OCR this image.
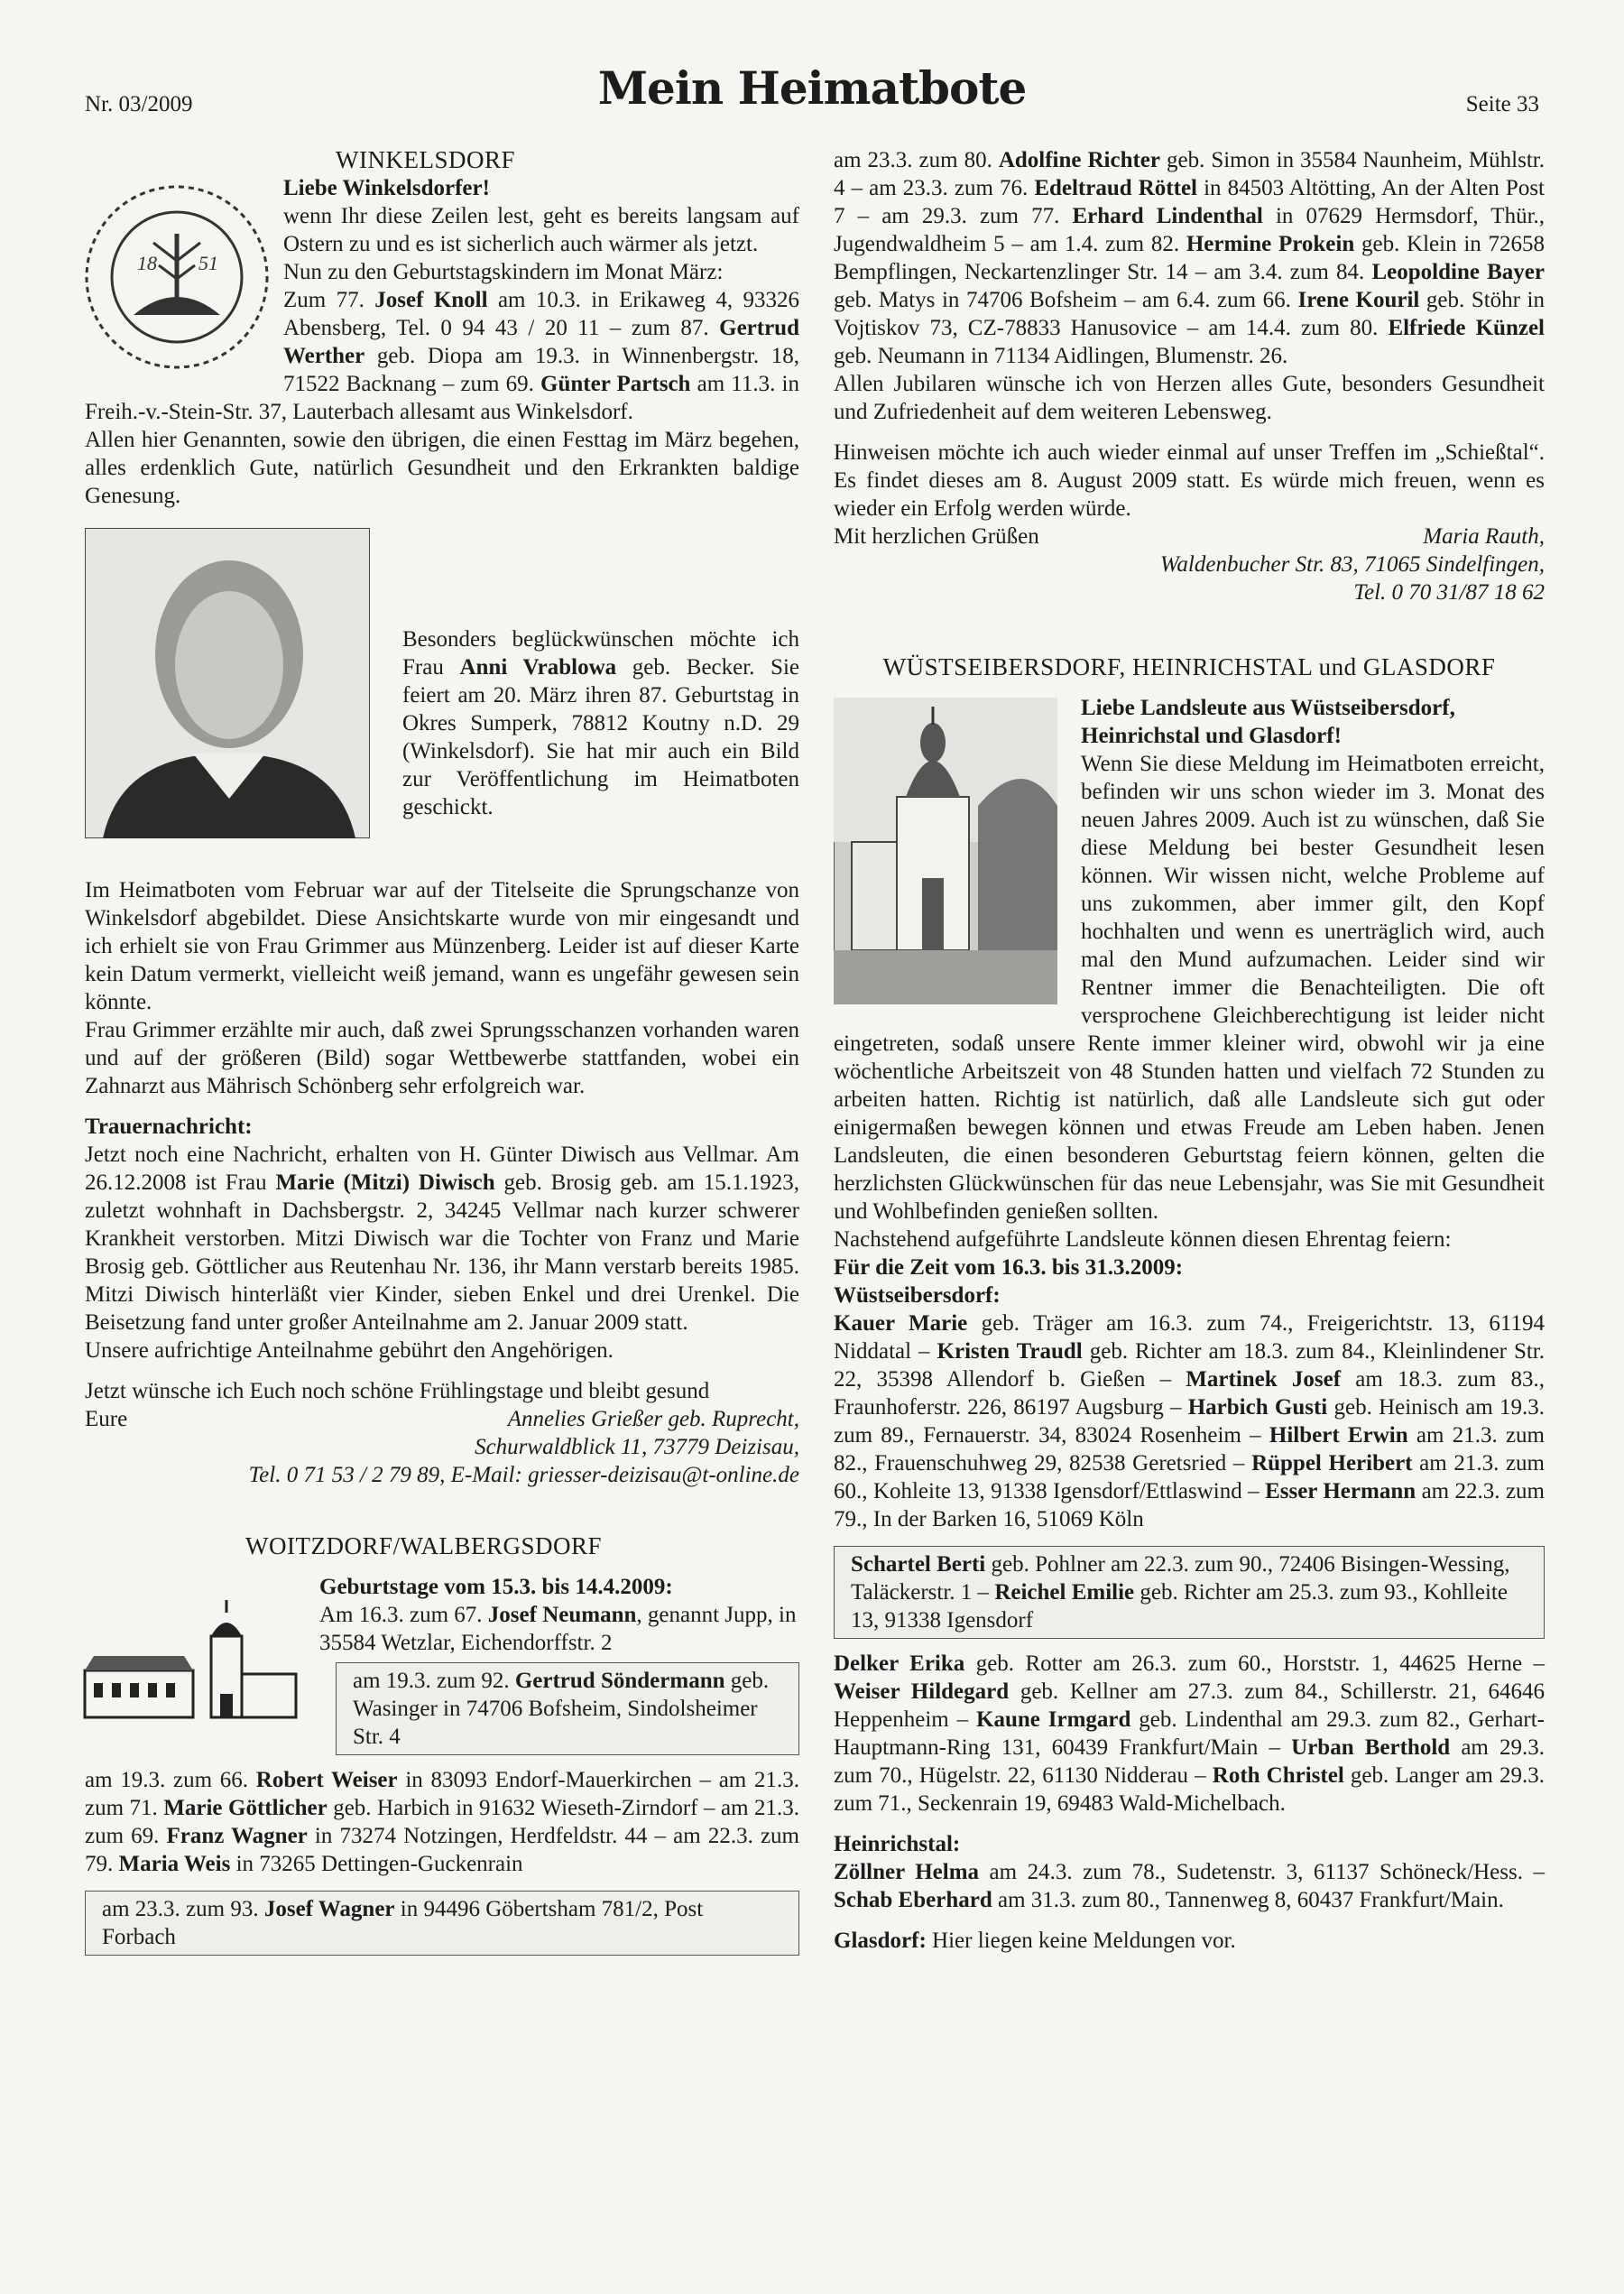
Nr. 03/2009	Mein Heimatbote	Seite 33

WINKELSDORF

18 51

Liebe Winkelsdorfer!

wenn Ihr diese Zeilen lest, geht es bereits langsam auf Ostern zu und es ist sicherlich auch wärmer als jetzt.

Nun zu den Geburtstagskindern im Monat März:

Zum 77. Josef Knoll am 10.3. in Erikaweg 4, 93326 Abensberg, Tel. 0 94 43 / 20 11 – zum 87. Gertrud Werther geb. Diopa am 19.3. in Winnenbergstr. 18, 71522 Backnang – zum 69. Günter Partsch am 11.3. in Freih.-v.-Stein-Str. 37, Lauterbach allesamt aus Winkelsdorf.

Allen hier Genannten, sowie den übrigen, die einen Festtag im März begehen, alles erdenklich Gute, natürlich Gesundheit und den Erkrankten baldige Genesung.

Besonders beglückwünschen möchte ich Frau Anni Vrablowa geb. Becker. Sie feiert am 20. März ihren 87. Geburtstag in Okres Sumperk, 78812 Koutny n.D. 29 (Winkelsdorf). Sie hat mir auch ein Bild zur Veröffentlichung im Heimatboten geschickt.

Im Heimatboten vom Februar war auf der Titelseite die Sprungschanze von Winkelsdorf abgebildet. Diese Ansichtskarte wurde von mir eingesandt und ich erhielt sie von Frau Grimmer aus Münzenberg. Leider ist auf dieser Karte kein Datum vermerkt, vielleicht weiß jemand, wann es ungefähr gewesen sein könnte.

Frau Grimmer erzählte mir auch, daß zwei Sprungsschanzen vorhanden waren und auf der größeren (Bild) sogar Wettbewerbe stattfanden, wobei ein Zahnarzt aus Mährisch Schönberg sehr erfolgreich war.

Trauernachricht:

Jetzt noch eine Nachricht, erhalten von H. Günter Diwisch aus Vellmar. Am 26.12.2008 ist Frau Marie (Mitzi) Diwisch geb. Brosig geb. am 15.1.1923, zuletzt wohnhaft in Dachsbergstr. 2, 34245 Vellmar nach kurzer schwerer Krankheit verstorben. Mitzi Diwisch war die Tochter von Franz und Marie Brosig geb. Göttlicher aus Reutenhau Nr. 136, ihr Mann verstarb bereits 1985. Mitzi Diwisch hinterläßt vier Kinder, sieben Enkel und drei Urenkel. Die Beisetzung fand unter großer Anteilnahme am 2. Januar 2009 statt.

Unsere aufrichtige Anteilnahme gebührt den Angehörigen.

Jetzt wünsche ich Euch noch schöne Frühlingstage und bleibt gesund

Eure	Annelies Grießer geb. Ruprecht,

Schurwaldblick 11, 73779 Deizisau,

Tel. 0 71 53 / 2 79 89, E-Mail: griesser-deizisau@t-online.de

WOITZDORF/WALBERGSDORF

Geburtstage vom 15.3. bis 14.4.2009:

Am 16.3. zum 67. Josef Neumann, genannt Jupp, in 35584 Wetzlar, Eichendorffstr. 2

am 19.3. zum 92. Gertrud Söndermann geb. Wasinger in 74706 Bofsheim, Sindolsheimer Str. 4

am 19.3. zum 66. Robert Weiser in 83093 Endorf-Mauerkirchen – am 21.3. zum 71. Marie Göttlicher geb. Harbich in 91632 Wieseth-Zirndorf – am 21.3. zum 69. Franz Wagner in 73274 Notzingen, Herdfeldstr. 44 – am 22.3. zum 79. Maria Weis in 73265 Dettingen-Guckenrain

am 23.3. zum 93. Josef Wagner in 94496 Göbertsham 781/2, Post Forbach

am 23.3. zum 80. Adolfine Richter geb. Simon in 35584 Naunheim, Mühlstr. 4 – am 23.3. zum 76. Edeltraud Röttel in 84503 Altötting, An der Alten Post 7 – am 29.3. zum 77. Erhard Lindenthal in 07629 Hermsdorf, Thür., Jugendwaldheim 5 – am 1.4. zum 82. Hermine Prokein geb. Klein in 72658 Bempflingen, Neckartenzlinger Str. 14 – am 3.4. zum 84. Leopoldine Bayer geb. Matys in 74706 Bofsheim – am 6.4. zum 66. Irene Kouril geb. Stöhr in Vojtiskov 73, CZ-78833 Hanusovice – am 14.4. zum 80. Elfriede Künzel geb. Neumann in 71134 Aidlingen, Blumenstr. 26.

Allen Jubilaren wünsche ich von Herzen alles Gute, besonders Gesundheit und Zufriedenheit auf dem weiteren Lebensweg.

Hinweisen möchte ich auch wieder einmal auf unser Treffen im „Schießtal“. Es findet dieses am 8. August 2009 statt. Es würde mich freuen, wenn es wieder ein Erfolg werden würde.

Mit herzlichen Grüßen	Maria Rauth,

Waldenbucher Str. 83, 71065 Sindelfingen,

Tel. 0 70 31/87 18 62

WÜSTSEIBERSDORF, HEINRICHSTAL und GLASDORF

Liebe Landsleute aus Wüstseibersdorf, Heinrichstal und Glasdorf!

Wenn Sie diese Meldung im Heimatboten erreicht, befinden wir uns schon wieder im 3. Monat des neuen Jahres 2009. Auch ist zu wünschen, daß Sie diese Meldung bei bester Gesundheit lesen können. Wir wissen nicht, welche Probleme auf uns zukommen, aber immer gilt, den Kopf hochhalten und wenn es unerträglich wird, auch mal den Mund aufzumachen. Leider sind wir Rentner immer die Benachteiligten. Die oft versprochene Gleichberechtigung ist leider nicht eingetreten, sodaß unsere Rente immer kleiner wird, obwohl wir ja eine wöchentliche Arbeitszeit von 48 Stunden hatten und vielfach 72 Stunden zu arbeiten hatten. Richtig ist natürlich, daß alle Landsleute sich gut oder einigermaßen bewegen können und etwas Freude am Leben haben. Jenen Landsleuten, die einen besonderen Geburtstag feiern können, gelten die herzlichsten Glückwünschen für das neue Lebensjahr, was Sie mit Gesundheit und Wohlbefinden genießen sollten.

Nachstehend aufgeführte Landsleute können diesen Ehrentag feiern:

Für die Zeit vom 16.3. bis 31.3.2009:

Wüstseibersdorf:

Kauer Marie geb. Träger am 16.3. zum 74., Freigerichtstr. 13, 61194 Niddatal – Kristen Traudl geb. Richter am 18.3. zum 84., Kleinlindener Str. 22, 35398 Allendorf b. Gießen – Martinek Josef am 18.3. zum 83., Fraunhoferstr. 226, 86197 Augsburg – Harbich Gusti geb. Heinisch am 19.3. zum 89., Fernauerstr. 34, 83024 Rosenheim – Hilbert Erwin am 21.3. zum 82., Frauenschuhweg 29, 82538 Geretsried – Rüppel Heribert am 21.3. zum 60., Kohleite 13, 91338 Igensdorf/Ettlaswind – Esser Hermann am 22.3. zum 79., In der Barken 16, 51069 Köln

Schartel Berti geb. Pohlner am 22.3. zum 90., 72406 Bisingen-Wessing, Taläckerstr. 1 – Reichel Emilie geb. Richter am 25.3. zum 93., Kohlleite 13, 91338 Igensdorf

Delker Erika geb. Rotter am 26.3. zum 60., Horststr. 1, 44625 Herne – Weiser Hildegard geb. Kellner am 27.3. zum 84., Schillerstr. 21, 64646 Heppenheim – Kaune Irmgard geb. Lindenthal am 29.3. zum 82., Gerhart-Hauptmann-Ring 131, 60439 Frankfurt/Main – Urban Berthold am 29.3. zum 70., Hügelstr. 22, 61130 Nidderau – Roth Christel geb. Langer am 29.3. zum 71., Seckenrain 19, 69483 Wald-Michelbach.

Heinrichstal:

Zöllner Helma am 24.3. zum 78., Sudetenstr. 3, 61137 Schöneck/Hess. – Schab Eberhard am 31.3. zum 80., Tannenweg 8, 60437 Frankfurt/Main.

Glasdorf: Hier liegen keine Meldungen vor.
